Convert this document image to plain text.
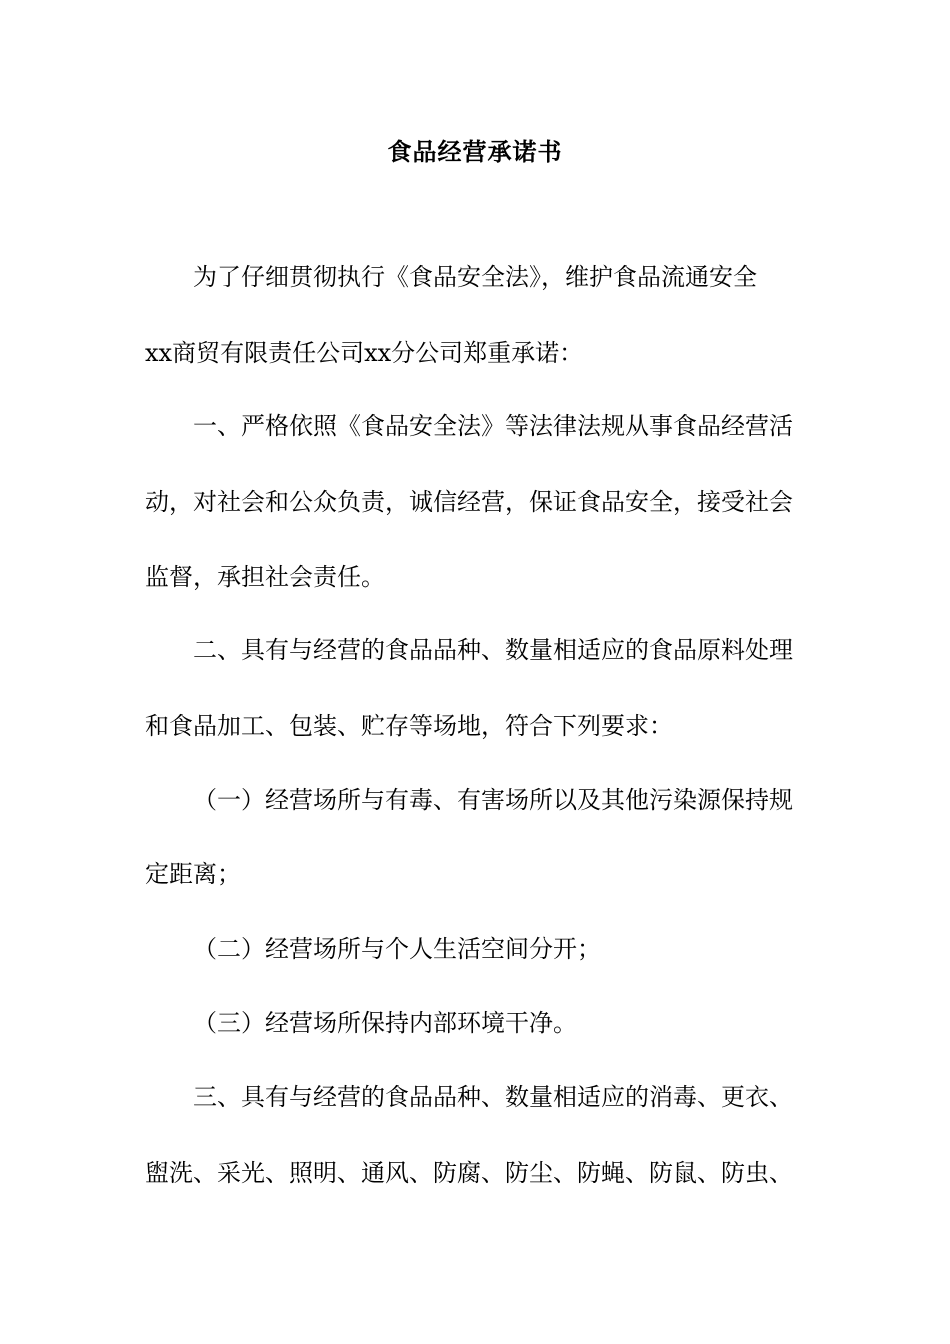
食品经营承诺书

为了仔细贯彻执行《食品安全法》，维护食品流通安全

xx商贸有限责任公司xx分公司郑重承诺：

一、严格依照《食品安全法》等法律法规从事食品经营活

动，对社会和公众负责，诚信经营，保证食品安全，接受社会

监督，承担社会责任。

二、具有与经营的食品品种、数量相适应的食品原料处理

和食品加工、包装、贮存等场地，符合下列要求：

（一）经营场所与有毒、有害场所以及其他污染源保持规

定距离；

（二）经营场所与个人生活空间分开；

（三）经营场所保持内部环境干净。

三、具有与经营的食品品种、数量相适应的消毒、更衣、

盥洗、采光、照明、通风、防腐、防尘、防蝇、防鼠、防虫、
